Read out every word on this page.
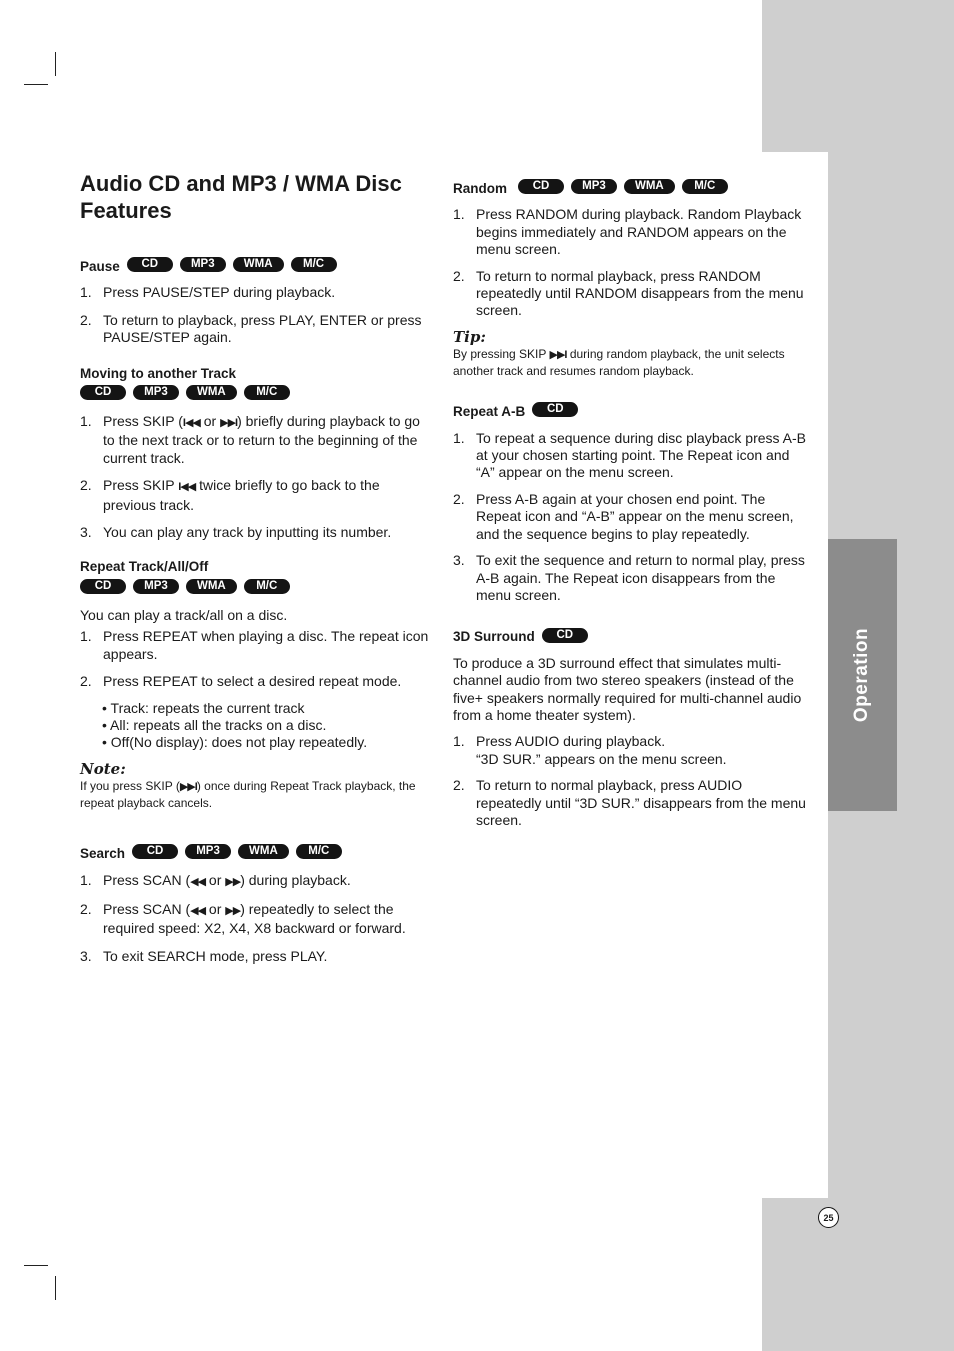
Operation
25
Audio CD and MP3 / WMA Disc Features
Pause	CD	MP3	WMA	M/C
1. Press PAUSE/STEP during playback.
2. To return to playback, press PLAY, ENTER or press PAUSE/STEP again.
Moving to another Track
CD	MP3	WMA	M/C
1. Press SKIP (I◀◀ or ▶▶I) briefly during playback to go to the next track or to return to the beginning of the current track.
2. Press SKIP I◀◀ twice briefly to go back to the previous track.
3. You can play any track by inputting its number.
Repeat Track/All/Off
CD	MP3	WMA	M/C
You can play a track/all on a disc.
1. Press REPEAT when playing a disc. The repeat icon appears.
2. Press REPEAT to select a desired repeat mode.
• Track: repeats the current track
• All: repeats all the tracks on a disc.
• Off(No display): does not play repeatedly.
Note:
If you press SKIP (▶▶I) once during Repeat Track playback, the repeat playback cancels.
Search	CD	MP3	WMA	M/C
1. Press SCAN (◀◀ or ▶▶) during playback.
2. Press SCAN (◀◀ or ▶▶) repeatedly to select the required speed: X2, X4, X8 backward or forward.
3. To exit SEARCH mode, press PLAY.
Random	CD	MP3	WMA	M/C
1. Press RANDOM during playback. Random Playback begins immediately and RANDOM appears on the menu screen.
2. To return to normal playback, press RANDOM repeatedly until RANDOM disappears from the menu screen.
Tip:
By pressing SKIP ▶▶I during random playback, the unit selects another track and resumes random playback.
Repeat A-B	CD
1. To repeat a sequence during disc playback press A-B at your chosen starting point. The Repeat icon and “A” appear on the menu screen.
2. Press A-B again at your chosen end point. The Repeat icon and “A-B” appear on the menu screen, and the sequence begins to play repeatedly.
3. To exit the sequence and return to normal play, press A-B again. The Repeat icon disappears from the menu screen.
3D Surround	CD
To produce a 3D surround effect that simulates multi-channel audio from two stereo speakers (instead of the five+ speakers normally required for multi-channel audio from a home theater system).
1. Press AUDIO during playback.
“3D SUR.” appears on the menu screen.
2. To return to normal playback, press AUDIO repeatedly until “3D SUR.” disappears from the menu screen.
